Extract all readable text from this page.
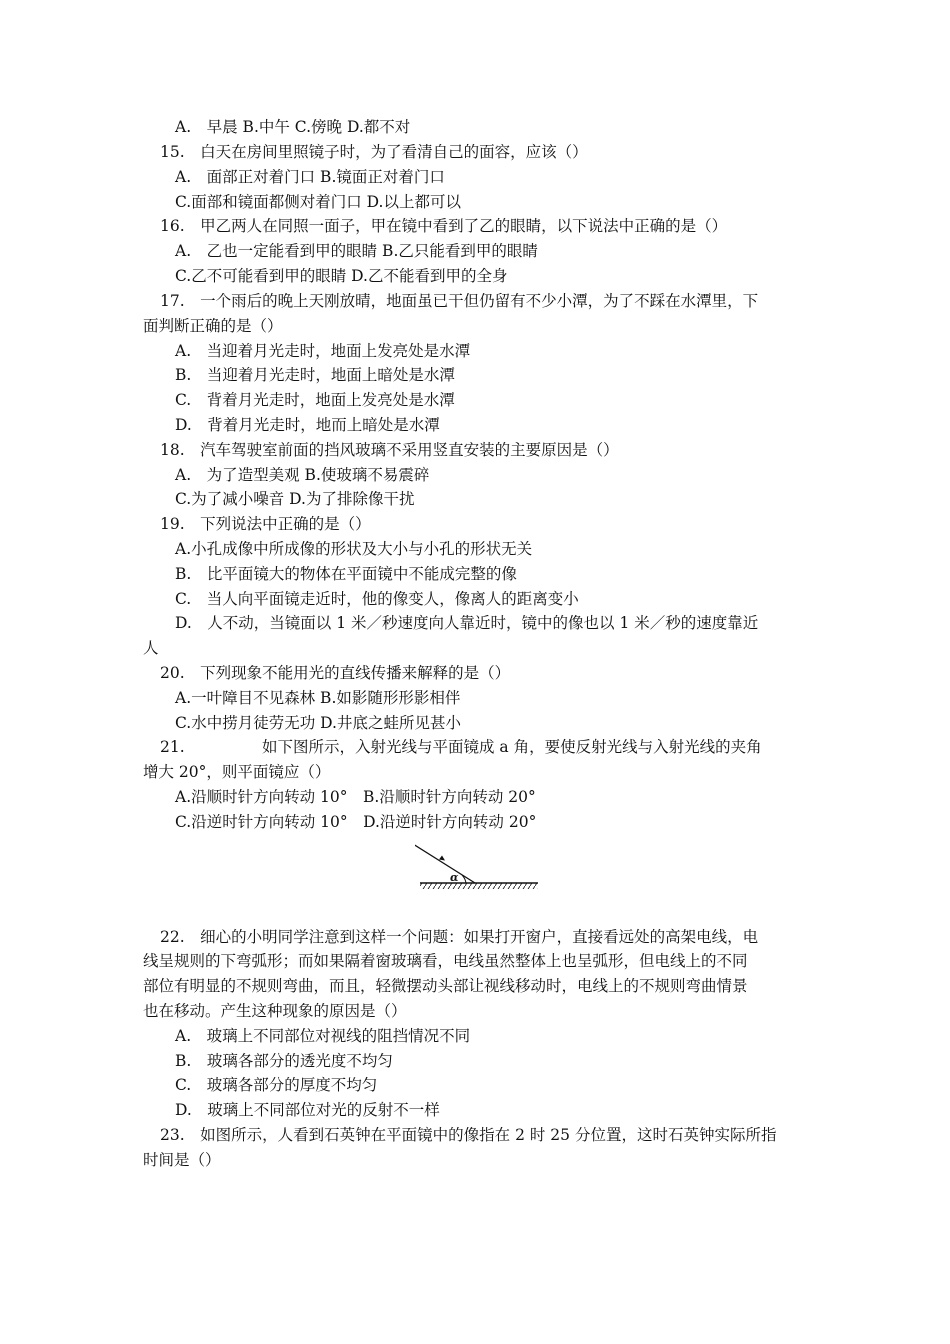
A.　早晨 B.中午 C.傍晚 D.都不对
15.　白天在房间里照镜子时，为了看清自己的面容，应该（）
A.　面部正对着门口 B.镜面正对着门口
C.面部和镜面都侧对着门口 D.以上都可以
16.　甲乙两人在同照一面子，甲在镜中看到了乙的眼睛，以下说法中正确的是（）
A.　乙也一定能看到甲的眼睛 B.乙只能看到甲的眼睛
C.乙不可能看到甲的眼睛 D.乙不能看到甲的全身
17.　一个雨后的晚上天刚放晴，地面虽已干但仍留有不少小潭，为了不踩在水潭里，下
面判断正确的是（）
A.　当迎着月光走时，地面上发亮处是水潭
B.　当迎着月光走时，地面上暗处是水潭
C.　背着月光走时，地面上发亮处是水潭
D.　背着月光走时，地而上暗处是水潭
18.　汽车驾驶室前面的挡风玻璃不采用竖直安装的主要原因是（）
A.　为了造型美观 B.使玻璃不易震碎
C.为了减小噪音 D.为了排除像干扰
19.　下列说法中正确的是（）
A.小孔成像中所成像的形状及大小与小孔的形状无关
B.　比平面镜大的物体在平面镜中不能成完整的像
C.　当人向平面镜走近时，他的像变人，像离人的距离变小
D.　人不动，当镜面以 1 米／秒速度向人靠近时，镜中的像也以 1 米／秒的速度靠近
人
20.　下列现象不能用光的直线传播来解释的是（）
A.一叶障目不见森林 B.如影随形形影相伴
C.水中捞月徒劳无功 D.井底之蛙所见甚小
21.	如下图所示，入射光线与平面镜成 a 角，要使反射光线与入射光线的夹角
增大 20°，则平面镜应（）
A.沿顺时针方向转动 10°　B.沿顺时针方向转动 20°
C.沿逆时针方向转动 10°　D.沿逆时针方向转动 20°
α
22.　细心的小明同学注意到这样一个问题：如果打开窗户，直接看远处的高架电线，电
线呈规则的下弯弧形；而如果隔着窗玻璃看，电线虽然整体上也呈弧形，但电线上的不同
部位有明显的不规则弯曲，而且，轻微摆动头部让视线移动时，电线上的不规则弯曲情景
也在移动。产生这种现象的原因是（）
A.　玻璃上不同部位对视线的阻挡情况不同
B.　玻璃各部分的透光度不均匀
C.　玻璃各部分的厚度不均匀
D.　玻璃上不同部位对光的反射不一样
23.　如图所示，人看到石英钟在平面镜中的像指在 2 时 25 分位置，这时石英钟实际所指
时间是（）
